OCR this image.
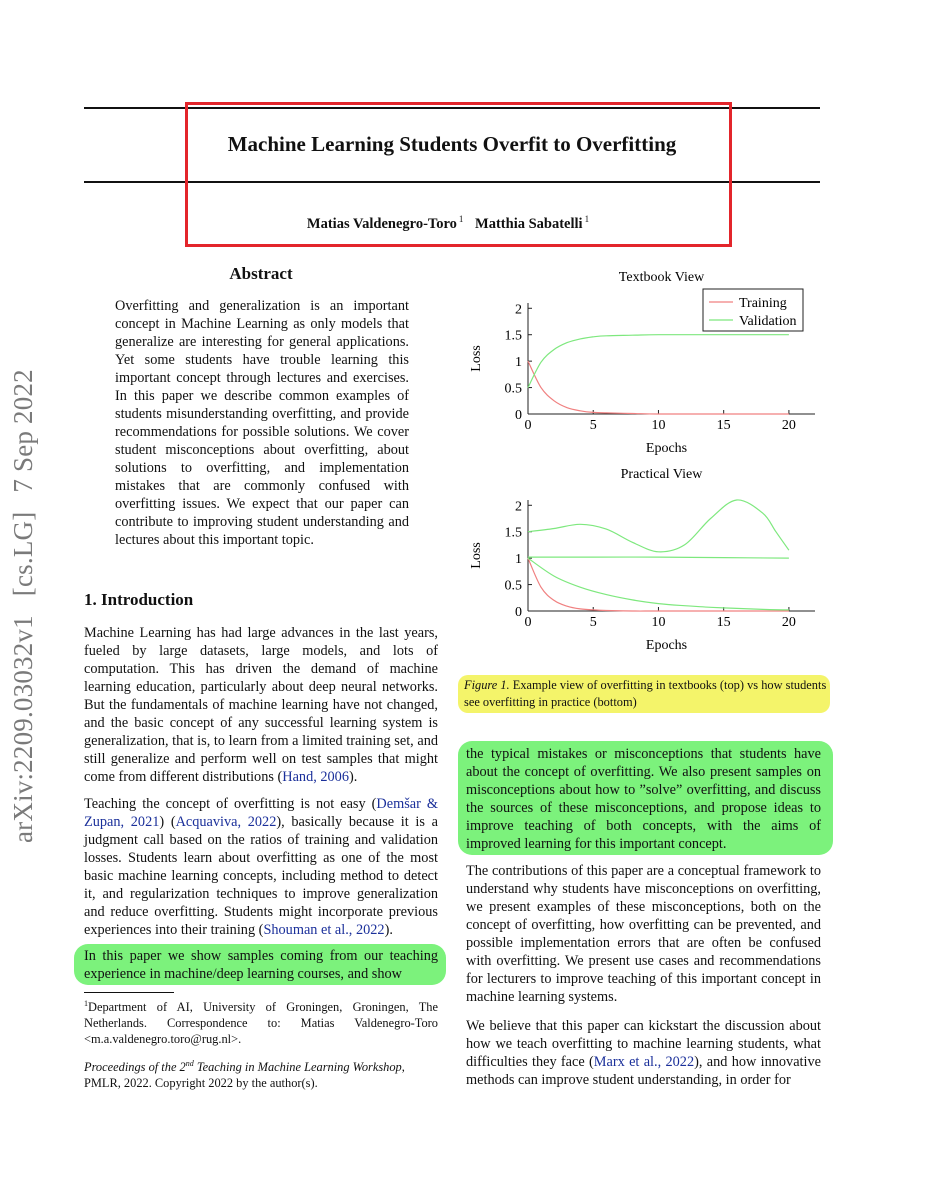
arXiv:2209.03032v1 [cs.LG] 7 Sep 2022
Machine Learning Students Overfit to Overfitting
Matias Valdenegro-Toro $^1$ Matthia Sabatelli $^1$
Abstract
Overfitting and generalization is an important concept in Machine Learning as only models that generalize are interesting for general applications. Yet some students have trouble learning this important concept through lectures and exercises. In this paper we describe common examples of students misunderstanding overfitting, and provide recommendations for possible solutions. We cover student misconceptions about overfitting, about solutions to overfitting, and implementation mistakes that are commonly confused with overfitting issues. We expect that our paper can contribute to improving student understanding and lectures about this important topic.
1. Introduction
Machine Learning has had large advances in the last years, fueled by large datasets, large models, and lots of computation. This has driven the demand of machine learning education, particularly about deep neural networks. But the fundamentals of machine learning have not changed, and the basic concept of any successful learning system is generalization, that is, to learn from a limited training set, and still generalize and perform well on test samples that might come from different distributions (Hand, 2006).
Teaching the concept of overfitting is not easy (Demšar & Zupan, 2021) (Acquaviva, 2022), basically because it is a judgment call based on the ratios of training and validation losses. Students learn about overfitting as one of the most basic machine learning concepts, including method to detect it, and regularization techniques to improve generalization and reduce overfitting. Students might incorporate previous experiences into their training (Shouman et al., 2022).
In this paper we show samples coming from our teaching experience in machine/deep learning courses, and show
$^1$Department of AI, University of Groningen, Groningen, The Netherlands. Correspondence to: Matias Valdenegro-Toro <m.a.valdenegro.toro@rug.nl>.
Proceedings of the 2nd Teaching in Machine Learning Workshop, PMLR, 2022. Copyright 2022 by the author(s).
Textbook View
0	5	10	15	20
0
0.5
1
1.5
2
Epochs
Loss
Training
Validation
Practical View
0	5	10	15	20
0
0.5
1
1.5
2
Epochs
Loss
Figure 1. Example view of overfitting in textbooks (top) vs how students see overfitting in practice (bottom)
the typical mistakes or misconceptions that students have about the concept of overfitting. We also present samples on misconceptions about how to ”solve” overfitting, and discuss the sources of these misconceptions, and propose ideas to improve teaching of both concepts, with the aims of improved learning for this important concept.
The contributions of this paper are a conceptual framework to understand why students have misconceptions on overfitting, we present examples of these misconceptions, both on the concept of overfitting, how overfitting can be prevented, and possible implementation errors that are often be confused with overfitting. We present use cases and recommendations for lecturers to improve teaching of this important concept in machine learning systems.
We believe that this paper can kickstart the discussion about how we teach overfitting to machine learning students, what difficulties they face (Marx et al., 2022), and how innovative methods can improve student understanding, in order for
